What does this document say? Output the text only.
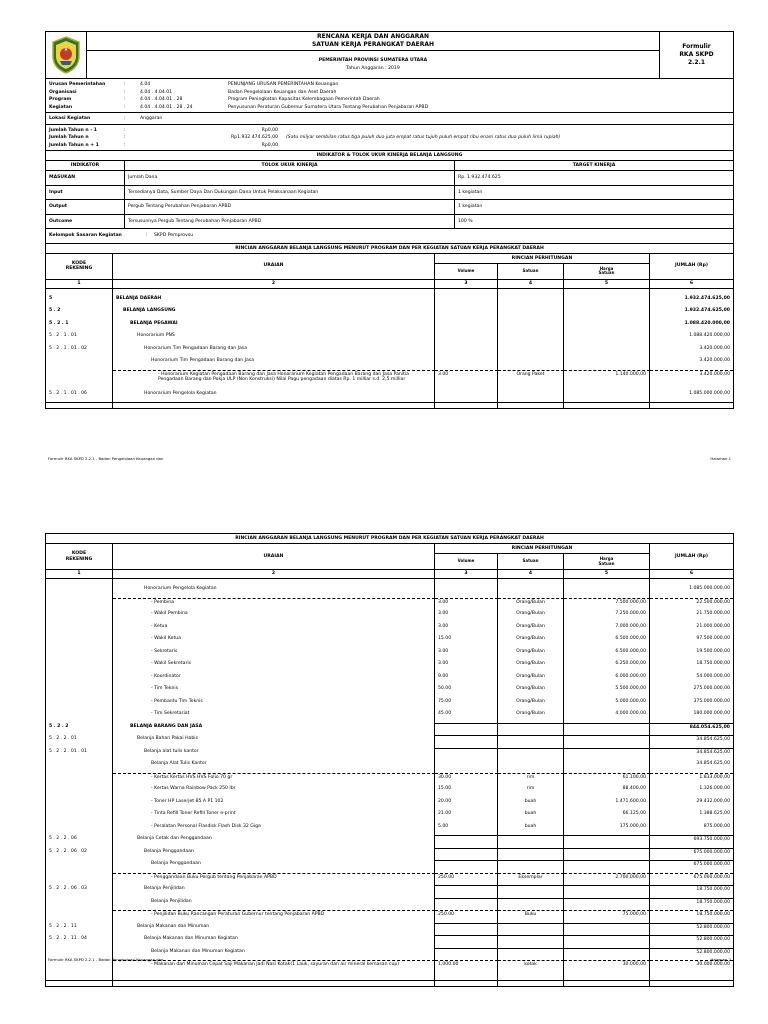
RENCANA KERJA DAN ANGGARAN
SATUAN KERJA PERANGKAT DAERAH
PEMERINTAH PROVINSI SUMATERA UTARA
Tahun Anggaran : 2019
Formulir
RKA SKPD
2.2.1
Urusan Pemerintahan	:	4.04	PENUNJANG URUSAN PEMERINTAHAN Keuangan
Organisasi	:	4.04 . 4.04.01	Badan Pengelolaan Keuangan dan Aset Daerah
Program	:	4.04 . 4.04.01 . 28	Program Peningkatan Kapasitas Kelembagaan Pemerintah Daerah
Kegiatan	:	4.04 . 4.04.01 . 28 . 24	Penyusunan Peraturan Gubernur Sumatera Utara Tentang Perubahan Penjabaran APBD
Lokasi Kegiatan	:	Anggaran
Jumlah Tahun n - 1	:	Rp0,00
Jumlah Tahun n	:	Rp1.932.474.625,00	(Satu milyar sembilan ratus tiga puluh dua juta empat ratus tujuh puluh empat ribu enam ratus dua puluh lima rupiah)
Jumlah Tahun n + 1	:	Rp0,00
INDIKATOR & TOLOK UKUR KINERJA BELANJA LANGSUNG
INDIKATOR	TOLOK UKUR KINERJA	TARGET KINERJA
MASUKAN	Jumlah Dana	Rp. 1.932.474.625
Input	Tersedianya Data, Sumber Daya Dan Dukungan Dana Untuk Pelaksanaan Kegiatan	1 kegiatan
Output	Pergub Tentang Perubahan Penjabaran APBD	1 kegiatan
Outcome	Tersusunnya Pergub Tentang Perubahan Penjabaran APBD	100 %
Kelompok Sasaran Kegiatan	:	SKPD Pemprovsu
RINCIAN ANGGARAN BELANJA LANGSUNG MENURUT PROGRAM DAN PER KEGIATAN SATUAN KERJA PERANGKAT DAERAH
KODE REKENING
URAIAN
RINCIAN PERHITUNGAN
Volume	Satuan	Harga Satuan
JUMLAH (Rp)
1	2	3	4	5	6
5	BELANJA DAERAH	1.932.474.625,00
5 . 2	BELANJA LANGSUNG	1.932.474.625,00
5 . 2 . 1	BELANJA PEGAWAI	1.088.420.000,00
5 . 2 . 1 . 01	Honorarium PNS	1.088.420.000,00
5 . 2 . 1 . 01 . 02	Honorarium Tim Pengadaan Barang dan Jasa	3.420.000,00
Honorarium Tim Pengadaan Barang dan Jasa	3.420.000,00
- Honorarium Kegiatan Pengadaan Barang dan Jasa Honorarium Kegiatan Pengadaan Barang dan Jasa Panitia Pengadaan Barang dan Pokja ULP (Non Konstruksi) Nilai Pagu pengadaan diatas Rp. 1 milliar s.d. 2,5 milliar
3.00	Orang Paket	1.140.000,00	3.420.000,00
5 . 2 . 1 . 01 . 06	Honorarium Pengelola Kegiatan	1.085.000.000,00
Formulir RKA SKPD 2.2.1 - Badan Pengelolaan Keuangan dan	Halaman 1
RINCIAN ANGGARAN BELANJA LANGSUNG MENURUT PROGRAM DAN PER KEGIATAN SATUAN KERJA PERANGKAT DAERAH
KODE REKENING
URAIAN
RINCIAN PERHITUNGAN
Volume	Satuan	Harga Satuan
JUMLAH (Rp)
1	2	3	4	5	6
Honorarium Pengelola Kegiatan	1.085.000.000,00
- Pembina	3.00	Orang/Bulan	7.500.000,00	22.500.000,00
- Wakil Pembina	3.00	Orang/Bulan	7.250.000,00	21.750.000,00
- Ketua	3.00	Orang/Bulan	7.000.000,00	21.000.000,00
- Wakil Ketua	15.00	Orang/Bulan	6.500.000,00	97.500.000,00
- Sekretaris	3.00	Orang/Bulan	6.500.000,00	19.500.000,00
- Wakil Sekretaris	3.00	Orang/Bulan	6.250.000,00	18.750.000,00
- Koordinator	9.00	Orang/Bulan	6.000.000,00	54.000.000,00
- Tim Teknis	50.00	Orang/Bulan	5.500.000,00	275.000.000,00
- Pembantu Tim Teknis	75.00	Orang/Bulan	5.000.000,00	375.000.000,00
- Tim Sekretariat	45.00	Orang/Bulan	4.000.000,00	180.000.000,00
5 . 2 . 2	BELANJA BARANG DAN JASA	844.054.625,00
5 . 2 . 2 . 01	Belanja Bahan Pakai Habis	34.854.625,00
5 . 2 . 2 . 01 . 01	Belanja alat tulis kantor	34.854.625,00
Belanja Alat Tulis Kantor	34.854.625,00
- Kertas Kertas HVS HVS Folio 70 gr	30.00	rim	61.100,00	1.833.000,00
- Kertas Warna Rainbow Pack 250 lbr	15.00	rim	88.400,00	1.326.000,00
- Toner HP Laserjet 85 A P1 102	20.00	buah	1.471.600,00	29.432.000,00
- Tinta Refill Toner Refill Toner e-print	21.00	buah	66.125,00	1.388.625,00
- Peralatan Personal Flasdisk Flash Disk 32 Giga	5.00	buah	175.000,00	875.000,00
5 . 2 . 2 . 06	Belanja Cetak dan Penggandaan	693.750.000,00
5 . 2 . 2 . 06 . 02	Belanja Penggandaan	675.000.000,00
Belanja Penggandaan	675.000.000,00
- Penggandaan Buku Pergub tentang Penjabaran APBD	250.00	Eksemplar	2.700.000,00	675.000.000,00
5 . 2 . 2 . 06 . 03	Belanja Penjilidan	18.750.000,00
Belanja Penjilidan	18.750.000,00
- Penjilidan Buku Rancangan Peraturan Gubernur tentang Penjabaran APBD	250.00	Buku	75.000,00	18.750.000,00
5 . 2 . 2 . 11	Belanja Makanan dan Minuman	52.800.000,00
5 . 2 . 2 . 11 . 04	Belanja Makanan dan Minuman Kegiatan	52.800.000,00
Belanja Makanan dan Minuman Kegiatan	52.800.000,00
- Makanan dan Minuman Cepat Saji Makanan Jadi Nasi Kotak(1 Lauk, sayuran dan air mineral kemasan cup)	1,000.00	kotak	30.000,00	30.000.000,00
Formulir RKA SKPD 2.2.1 - Badan Pengelolaan Keuangan dan	Halaman 2
